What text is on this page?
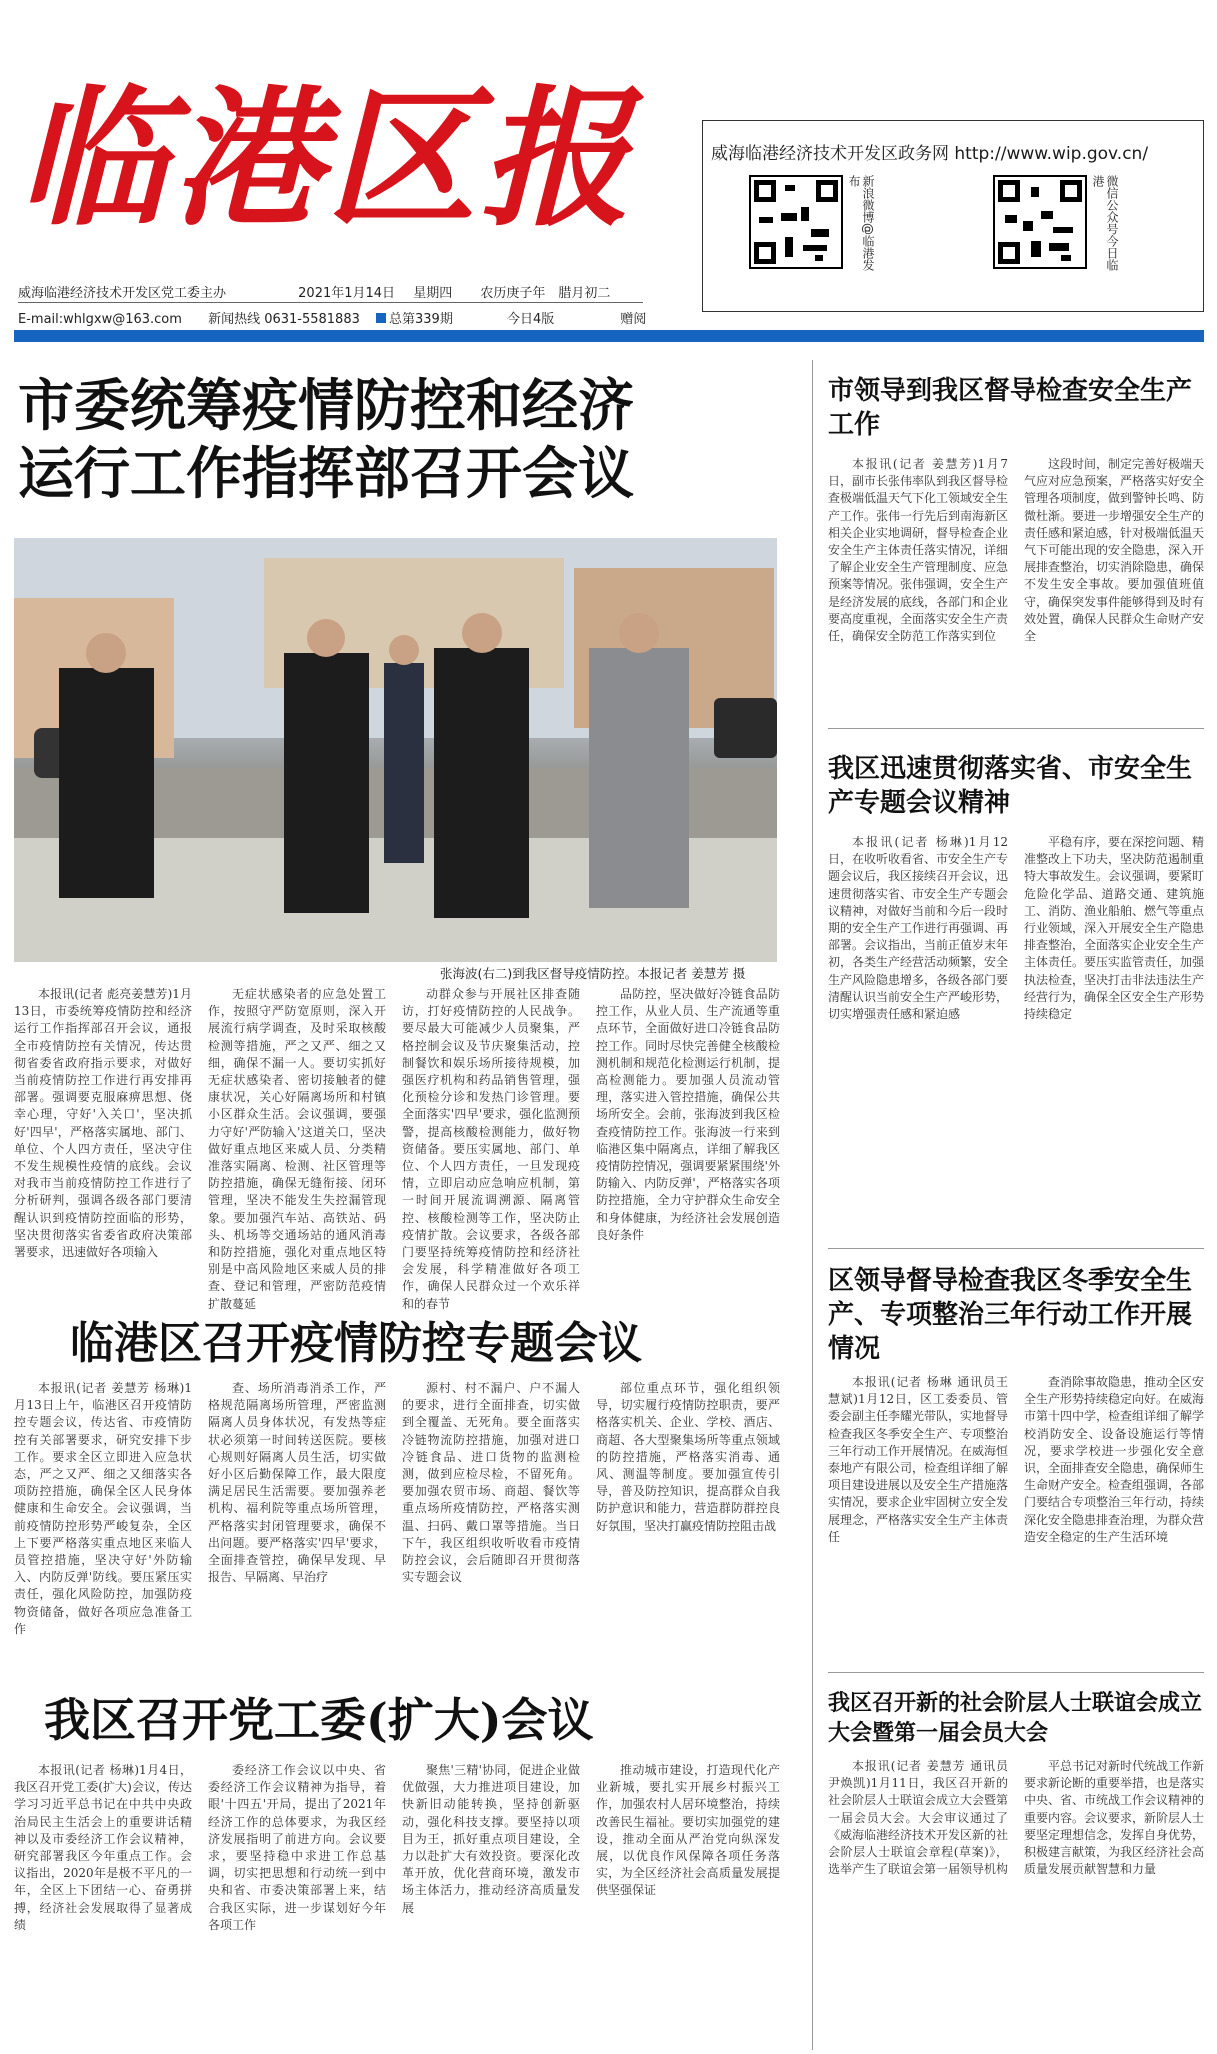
临港区报
威海临港经济技术开发区党工委主办	2021年1月14日 星期四 农历庚子年　腊月初二
E-mail:whlgxw@163.com 新闻热线 0631-5581883 总第339期	今日4版	赠阅
威海临港经济技术开发区政务网 http://www.wip.gov.cn/
新浪微博@临港发布	微信公众号今日临港
市委统筹疫情防控和经济
运行工作指挥部召开会议
张海波(右二)到我区督导疫情防控。本报记者 姜慧芳 摄
本报讯(记者 彪亮姜慧芳)1月13日，市委统筹疫情防控和经济运行工作指挥部召开会议，通报全市疫情防控有关情况，传达贯彻省委省政府指示要求，对做好当前疫情防控工作进行再安排再部署。强调要克服麻痹思想、侥幸心理，守好'入关口'，坚决抓好'四早'，严格落实属地、部门、单位、个人四方责任，坚决守住不发生规模性疫情的底线。会议对我市当前疫情防控工作进行了分析研判，强调各级各部门要清醒认识到疫情防控面临的形势，坚决贯彻落实省委省政府决策部署要求，迅速做好各项输入
无症状感染者的应急处置工作，按照守严防宽原则，深入开展流行病学调查，及时采取核酸检测等措施，严之又严、细之又细，确保不漏一人。要切实抓好无症状感染者、密切接触者的健康状况，关心好隔离场所和村镇小区群众生活。会议强调，要强力守好'严防输入'这道关口，坚决做好重点地区来威人员、分类精准落实隔离、检测、社区管理等防控措施，确保无缝衔接、闭环管理，坚决不能发生失控漏管现象。要加强汽车站、高铁站、码头、机场等交通场站的通风消毒和防控措施，强化对重点地区特别是中高风险地区来威人员的排查、登记和管理，严密防范疫情扩散蔓延
动群众参与开展社区排查随访，打好疫情防控的人民战争。要尽最大可能减少人员聚集，严格控制会议及节庆聚集活动，控制餐饮和娱乐场所接待规模，加强医疗机构和药品销售管理，强化预检分诊和发热门诊管理。要全面落实'四早'要求，强化监测预警，提高核酸检测能力，做好物资储备。要压实属地、部门、单位、个人四方责任，一旦发现疫情，立即启动应急响应机制，第一时间开展流调溯源、隔离管控、核酸检测等工作，坚决防止疫情扩散。会议要求，各级各部门要坚持统筹疫情防控和经济社会发展，科学精准做好各项工作，确保人民群众过一个欢乐祥和的春节
品防控，坚决做好冷链食品防控工作，从业人员、生产流通等重点环节，全面做好进口冷链食品防控工作。同时尽快完善健全核酸检测机制和规范化检测运行机制，提高检测能力。要加强人员流动管理，落实进入管控措施，确保公共场所安全。会前，张海波到我区检查疫情防控工作。张海波一行来到临港区集中隔离点，详细了解我区疫情防控情况，强调要紧紧围绕'外防输入、内防反弹'，严格落实各项防控措施，全力守护群众生命安全和身体健康，为经济社会发展创造良好条件
临港区召开疫情防控专题会议
本报讯(记者 姜慧芳 杨琳)1月13日上午，临港区召开疫情防控专题会议，传达省、市疫情防控有关部署要求，研究安排下步工作。要求全区立即进入应急状态，严之又严、细之又细落实各项防控措施，确保全区人民身体健康和生命安全。会议强调，当前疫情防控形势严峻复杂，全区上下要严格落实重点地区来临人员管控措施，坚决守好'外防输入、内防反弹'防线。要压紧压实责任，强化风险防控，加强防疫物资储备，做好各项应急准备工作
查、场所消毒消杀工作，严格规范隔离场所管理，严密监测隔离人员身体状况，有发热等症状必须第一时间转送医院。要核心规则好隔离人员生活，切实做好小区后勤保障工作，最大限度满足居民生活需要。要加强养老机构、福利院等重点场所管理，严格落实封闭管理要求，确保不出问题。要严格落实'四早'要求，全面排查管控，确保早发现、早报告、早隔离、早治疗
源村、村不漏户、户不漏人的要求，进行全面排查，切实做到全覆盖、无死角。要全面落实冷链物流防控措施，加强对进口冷链食品、进口货物的监测检测，做到应检尽检，不留死角。要加强农贸市场、商超、餐饮等重点场所疫情防控，严格落实测温、扫码、戴口罩等措施。当日下午，我区组织收听收看市疫情防控会议，会后随即召开贯彻落实专题会议
部位重点环节，强化组织领导，切实履行疫情防控职责，要严格落实机关、企业、学校、酒店、商超、各大型聚集场所等重点领域的防控措施，严格落实消毒、通风、测温等制度。要加强宣传引导，普及防控知识，提高群众自我防护意识和能力，营造群防群控良好氛围，坚决打赢疫情防控阻击战
我区召开党工委(扩大)会议
本报讯(记者 杨琳)1月4日，我区召开党工委(扩大)会议，传达学习习近平总书记在中共中央政治局民主生活会上的重要讲话精神以及市委经济工作会议精神，研究部署我区今年重点工作。会议指出，2020年是极不平凡的一年，全区上下团结一心、奋勇拼搏，经济社会发展取得了显著成绩
委经济工作会议以中央、省委经济工作会议精神为指导，着眼'十四五'开局，提出了2021年经济工作的总体要求，为我区经济发展指明了前进方向。会议要求，要坚持稳中求进工作总基调，切实把思想和行动统一到中央和省、市委决策部署上来，结合我区实际，进一步谋划好今年各项工作
聚焦'三精'协同，促进企业做优做强，大力推进项目建设，加快新旧动能转换，坚持创新驱动，强化科技支撑。要坚持以项目为王，抓好重点项目建设，全力以赴扩大有效投资。要深化改革开放，优化营商环境，激发市场主体活力，推动经济高质量发展
推动城市建设，打造现代化产业新城，要扎实开展乡村振兴工作，加强农村人居环境整治，持续改善民生福祉。要切实加强党的建设，推动全面从严治党向纵深发展，以优良作风保障各项任务落实，为全区经济社会高质量发展提供坚强保证
市领导到我区督导检查安全生产工作
本报讯(记者 姜慧芳)1月7日，副市长张伟率队到我区督导检查极端低温天气下化工领域安全生产工作。张伟一行先后到南海新区相关企业实地调研，督导检查企业安全生产主体责任落实情况，详细了解企业安全生产管理制度、应急预案等情况。张伟强调，安全生产是经济发展的底线，各部门和企业要高度重视，全面落实安全生产责任，确保安全防范工作落实到位
这段时间，制定完善好极端天气应对应急预案，严格落实好安全管理各项制度，做到警钟长鸣、防微杜渐。要进一步增强安全生产的责任感和紧迫感，针对极端低温天气下可能出现的安全隐患，深入开展排查整治，切实消除隐患，确保不发生安全事故。要加强值班值守，确保突发事件能够得到及时有效处置，确保人民群众生命财产安全
我区迅速贯彻落实省、市安全生产专题会议精神
本报讯(记者 杨琳)1月12日，在收听收看省、市安全生产专题会议后，我区接续召开会议，迅速贯彻落实省、市安全生产专题会议精神，对做好当前和今后一段时期的安全生产工作进行再强调、再部署。会议指出，当前正值岁末年初，各类生产经营活动频繁，安全生产风险隐患增多，各级各部门要清醒认识当前安全生产严峻形势，切实增强责任感和紧迫感
平稳有序，要在深挖问题、精准整改上下功夫，坚决防范遏制重特大事故发生。会议强调，要紧盯危险化学品、道路交通、建筑施工、消防、渔业船舶、燃气等重点行业领域，深入开展安全生产隐患排查整治，全面落实企业安全生产主体责任。要压实监管责任，加强执法检查，坚决打击非法违法生产经营行为，确保全区安全生产形势持续稳定
区领导督导检查我区冬季安全生产、专项整治三年行动工作开展情况
本报讯(记者 杨琳 通讯员王慧斌)1月12日，区工委委员、管委会副主任李耀光带队，实地督导检查我区冬季安全生产、专项整治三年行动工作开展情况。在威海恒泰地产有限公司，检查组详细了解项目建设进展以及安全生产措施落实情况，要求企业牢固树立安全发展理念，严格落实安全生产主体责任
查消除事故隐患，推动全区安全生产形势持续稳定向好。在威海市第十四中学，检查组详细了解学校消防安全、设备设施运行等情况，要求学校进一步强化安全意识，全面排查安全隐患，确保师生生命财产安全。检查组强调，各部门要结合专项整治三年行动，持续深化安全隐患排查治理，为群众营造安全稳定的生产生活环境
我区召开新的社会阶层人士联谊会成立大会暨第一届会员大会
本报讯(记者 姜慧芳 通讯员 尹焕凯)1月11日，我区召开新的社会阶层人士联谊会成立大会暨第一届会员大会。大会审议通过了《威海临港经济技术开发区新的社会阶层人士联谊会章程(草案)》，选举产生了联谊会第一届领导机构
平总书记对新时代统战工作新要求新论断的重要举措，也是落实中央、省、市统战工作会议精神的重要内容。会议要求，新阶层人士要坚定理想信念，发挥自身优势，积极建言献策，为我区经济社会高质量发展贡献智慧和力量
